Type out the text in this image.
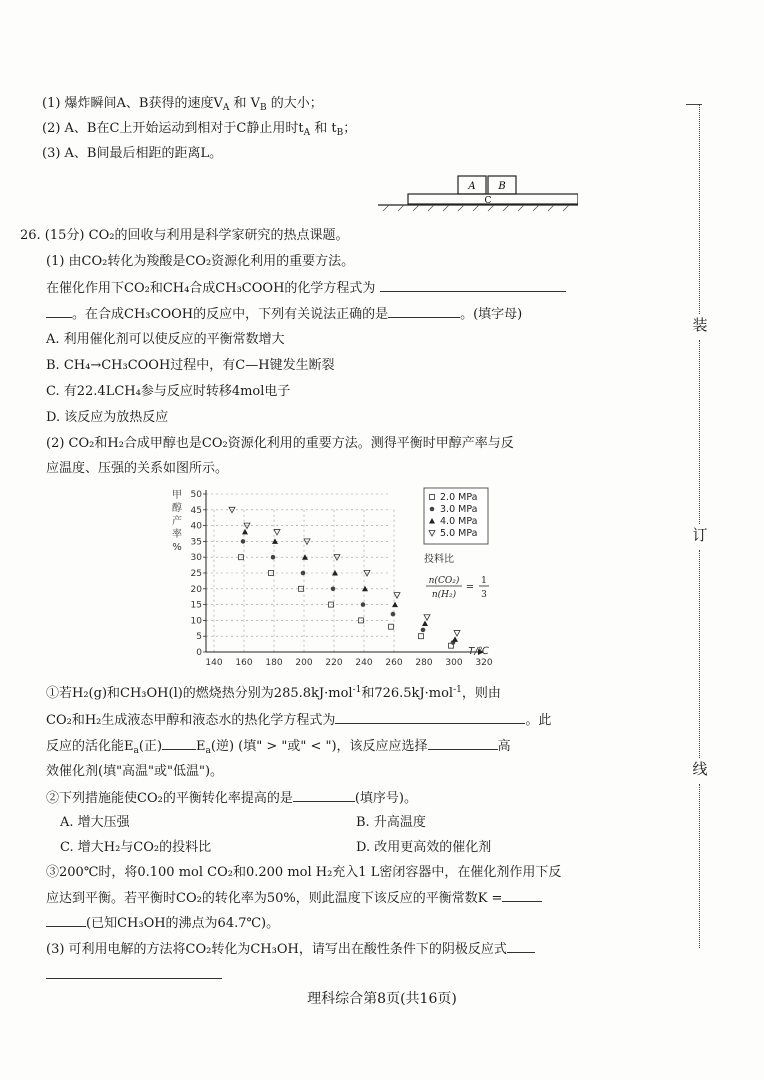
(1) 爆炸瞬间A、B获得的速度$V_A$ 和 $V_B$ 的大小；
(2) A、B在C上开始运动到相对于C静止用时$t_A$ 和 $t_B$；
(3) A、B间最后相距的距离L。
A B
C
26. (15分) CO₂的回收与利用是科学家研究的热点课题。
(1) 由CO₂转化为羧酸是CO₂资源化利用的重要方法。
在催化作用下CO₂和CH₄合成CH₃COOH的化学方程式为
。在合成CH₃COOH的反应中，下列有关说法正确的是	。(填字母)
A. 利用催化剂可以使反应的平衡常数增大
B. CH₄→CH₃COOH过程中，有C—H键发生断裂
C. 有22.4LCH₄参与反应时转移4mol电子
D. 该反应为放热反应
(2) CO₂和H₂合成甲醇也是CO₂资源化利用的重要方法。测得平衡时甲醇产率与反
应温度、压强的关系如图所示。
甲
醇
产
率
%
0
5
10
15
20
25
30
35
40
45
50
140 160 180 200 220 240 260 280 300 320
T/℃
2.0 MPa
3.0 MPa
4.0 MPa
5.0 MPa
投料比
n(CO₂)
n(H₂)
=
1
3
①若H₂(g)和CH₃OH(l)的燃烧热分别为285.8kJ·mol$^{-1}$和726.5kJ·mol$^{-1}$，则由
CO₂和H₂生成液态甲醇和液态水的热化学方程式为	。此
反应的活化能$E_a$(正)	$E_a$(逆) (填" > "或" < ")，该反应应选择	高
效催化剂(填"高温"或"低温")。
②下列措施能使CO₂的平衡转化率提高的是	(填序号)。
A. 增大压强	B. 升高温度
C. 增大H₂与CO₂的投料比	D. 改用更高效的催化剂
③200℃时，将0.100 mol CO₂和0.200 mol H₂充入1 L密闭容器中，在催化剂作用下反
应达到平衡。若平衡时CO₂的转化率为50%，则此温度下该反应的平衡常数K =
(已知CH₃OH的沸点为64.7℃)。
(3) 可利用电解的方法将CO₂转化为CH₃OH，请写出在酸性条件下的阴极反应式
理科综合第8页(共16页)
装
订
线
